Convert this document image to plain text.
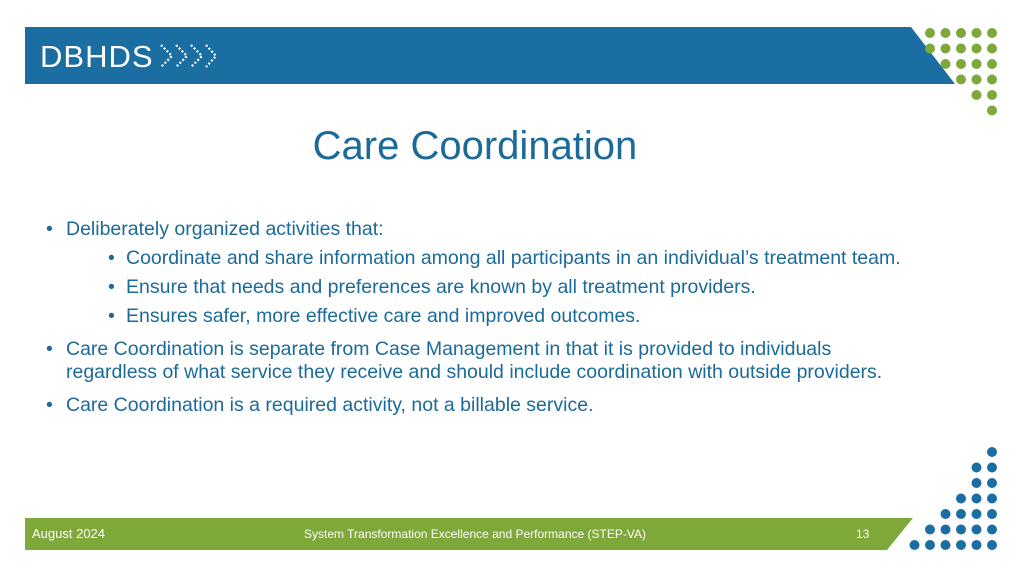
DBHDS
Care Coordination
• Deliberately organized activities that:
• Coordinate and share information among all participants in an individual’s treatment team.
• Ensure that needs and preferences are known by all treatment providers.
• Ensures safer, more effective care and improved outcomes.
• Care Coordination is separate from Case Management in that it is provided to individuals regardless of what service they receive and should include coordination with outside providers.
• Care Coordination is a required activity, not a billable service.
August 2024	System Transformation Excellence and Performance (STEP-VA)	13
